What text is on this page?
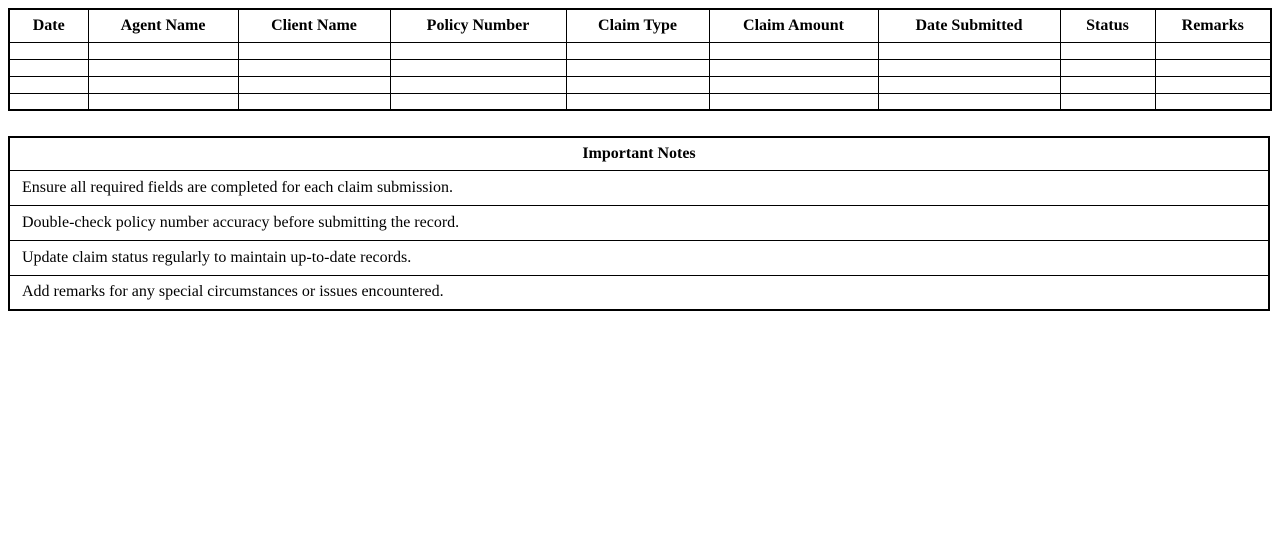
Date	Agent Name	Client Name	Policy Number	Claim Type	Claim Amount	Date Submitted	Status	Remarks

Important Notes
Ensure all required fields are completed for each claim submission.
Double-check policy number accuracy before submitting the record.
Update claim status regularly to maintain up-to-date records.
Add remarks for any special circumstances or issues encountered.
